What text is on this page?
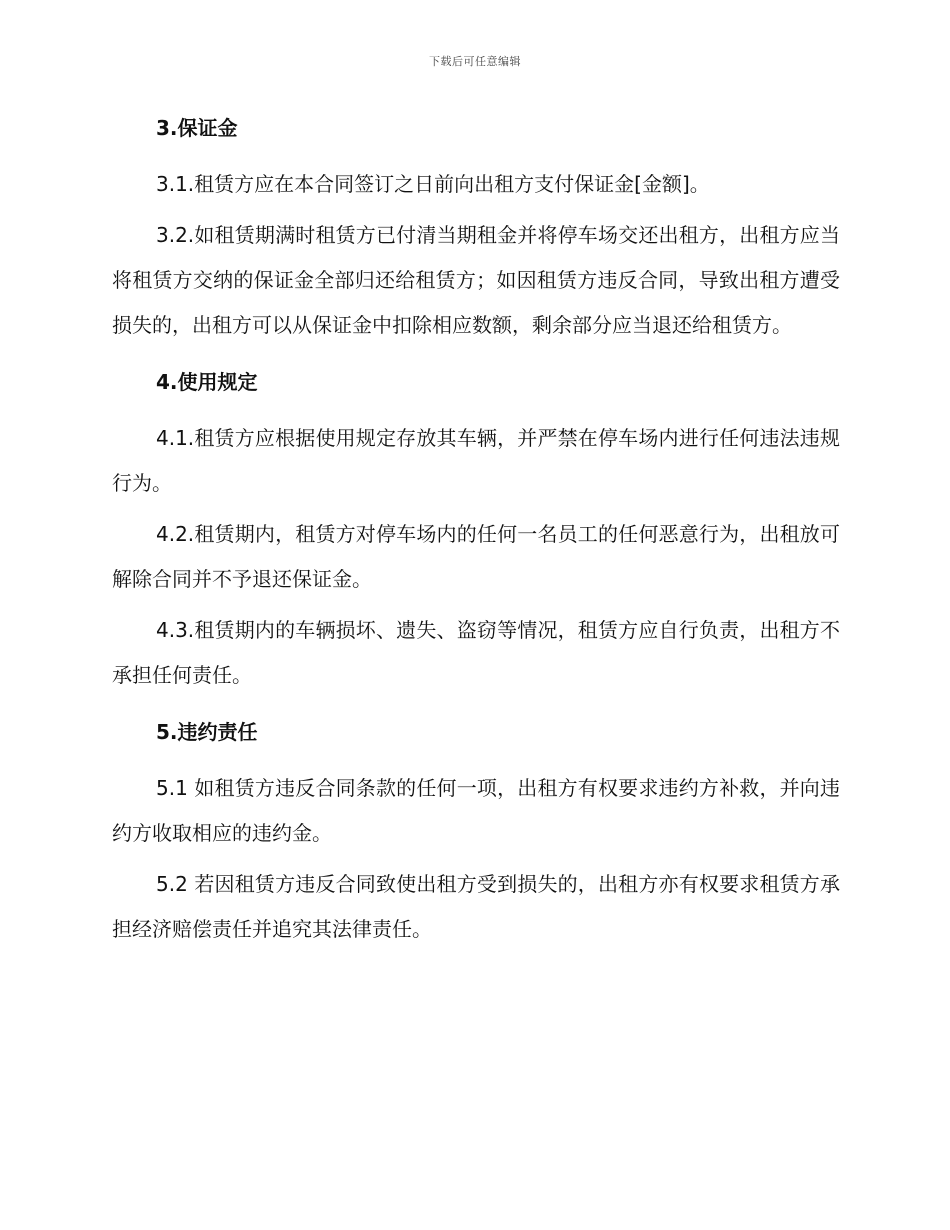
下载后可任意编辑
3.保证金

3.1.租赁方应在本合同签订之日前向出租方支付保证金[金额]。

3.2.如租赁期满时租赁方已付清当期租金并将停车场交还出租方，出租方应当将租赁方交纳的保证金全部归还给租赁方；如因租赁方违反合同，导致出租方遭受损失的，出租方可以从保证金中扣除相应数额，剩余部分应当退还给租赁方。

4.使用规定

4.1.租赁方应根据使用规定存放其车辆，并严禁在停车场内进行任何违法违规行为。

4.2.租赁期内，租赁方对停车场内的任何一名员工的任何恶意行为，出租放可解除合同并不予退还保证金。

4.3.租赁期内的车辆损坏、遗失、盗窃等情况，租赁方应自行负责，出租方不承担任何责任。

5.违约责任

5.1 如租赁方违反合同条款的任何一项，出租方有权要求违约方补救，并向违约方收取相应的违约金。

5.2 若因租赁方违反合同致使出租方受到损失的，出租方亦有权要求租赁方承担经济赔偿责任并追究其法律责任。
